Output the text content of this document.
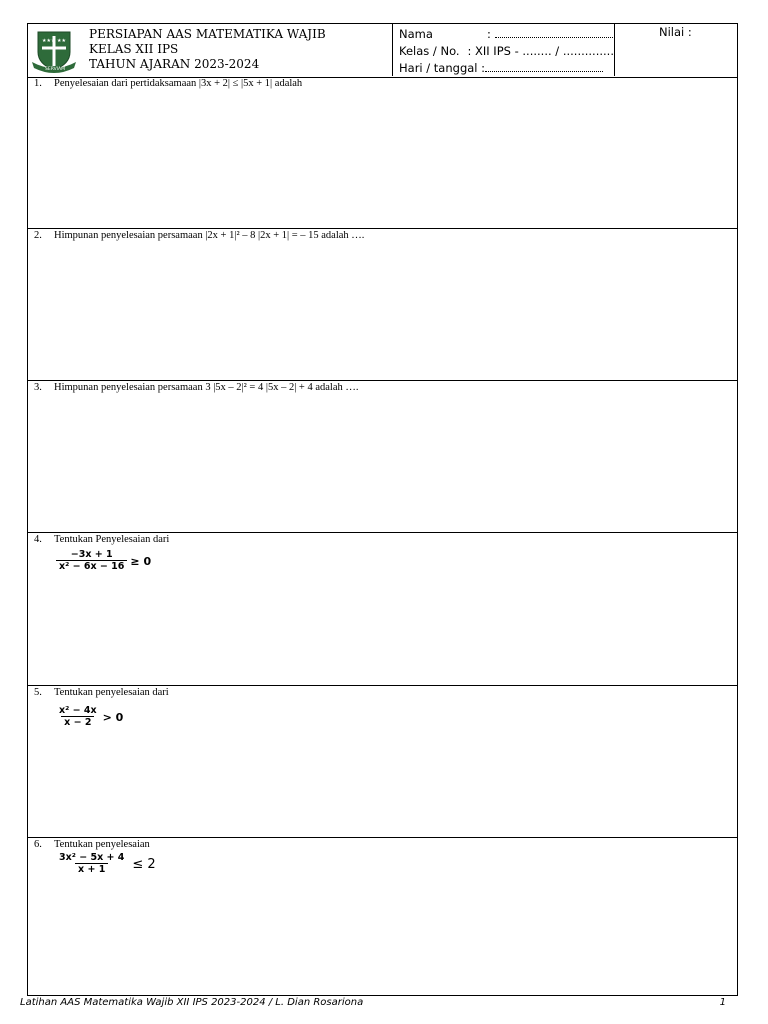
★★★ ★★
SERVIAM
PERSIAPAN AAS MATEMATIKA WAJIB
KELAS XII IPS
TAHUN AJARAN 2023-2024
Nama	:
Kelas / No. : XII IPS - ........ / ..............
Hari / tanggal :
Nilai :
1. Penyelesaian dari pertidaksamaan |3x + 2| ≤ |5x + 1| adalah
2. Himpunan penyelesaian persamaan |2x + 1|² – 8 |2x + 1| = – 15 adalah ….
3. Himpunan penyelesaian persamaan 3 |5x – 2|² = 4 |5x – 2| + 4 adalah ….
4. Tentukan Penyelesaian dari
$\frac{-3x + 1}{\text{x² − 6x − 16}} \ge 0$
5. Tentukan penyelesaian dari
$\frac{\text{x² − 4x}}{x - 2} > 0$
6. Tentukan penyelesaian
$\frac{\text{3x² − 5x + 4}}{x + 1} \le 2$
Latihan AAS Matematika Wajib XII IPS 2023-2024 / L. Dian Rosariona	1
